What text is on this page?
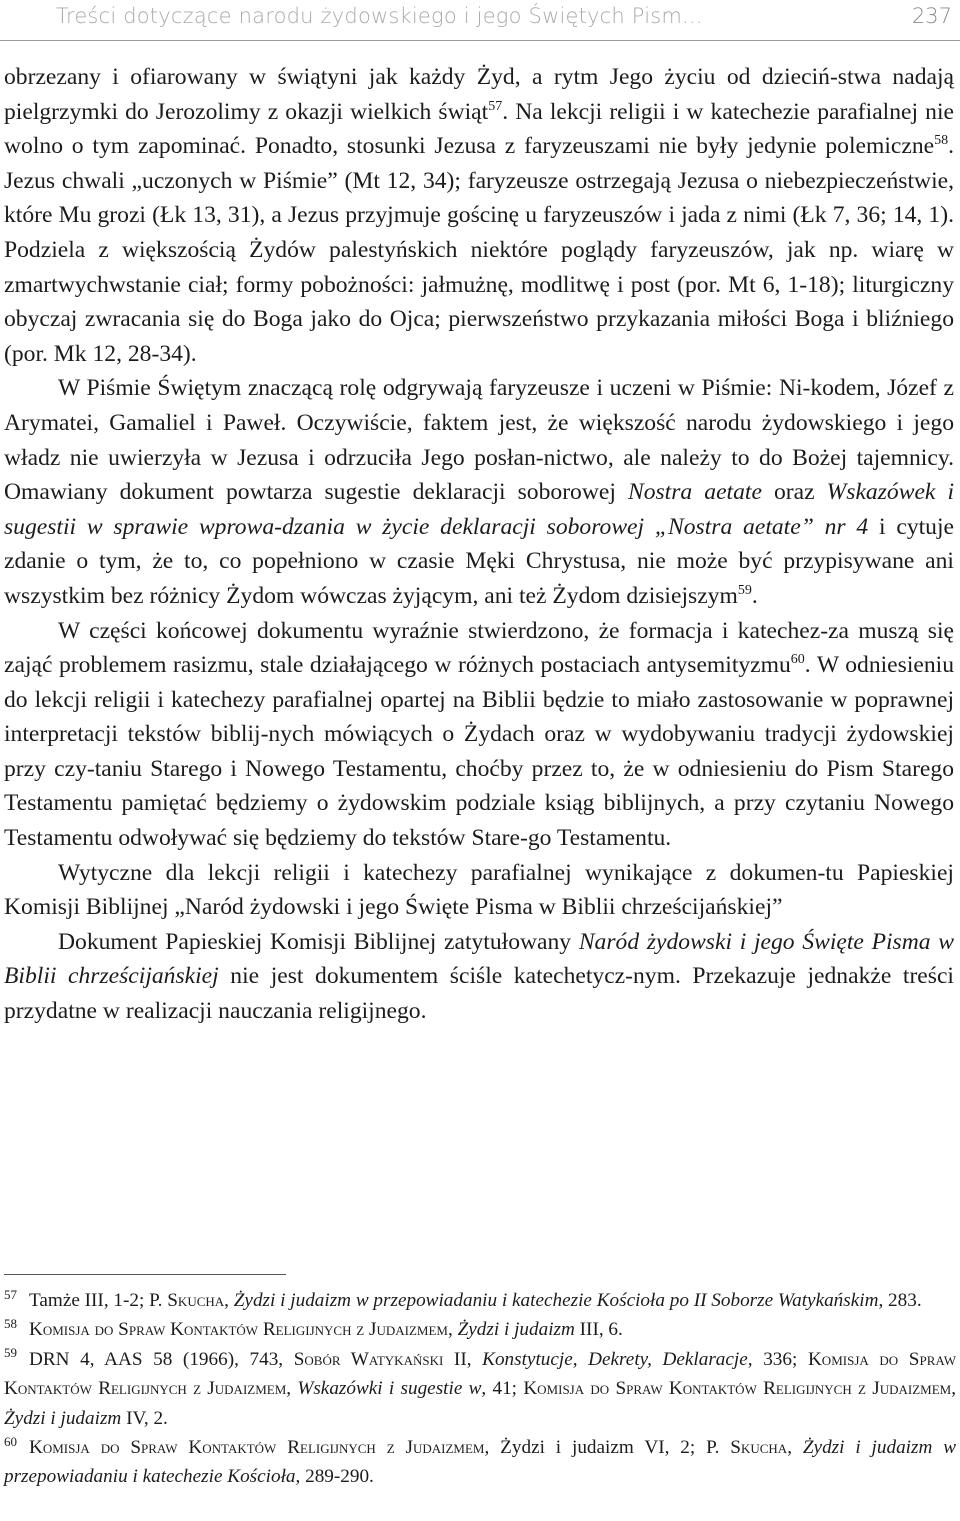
Treści dotyczące narodu żydowskiego i jego Świętych Pism...	237

obrzezany i ofiarowany w świątyni jak każdy Żyd, a rytm Jego życiu od dzieciń-stwa nadają pielgrzymki do Jerozolimy z okazji wielkich świąt$^{57}$. Na lekcji religii i w katechezie parafialnej nie wolno o tym zapominać. Ponadto, stosunki Jezusa z faryzeuszami nie były jedynie polemiczne$^{58}$. Jezus chwali „uczonych w Piśmie” (Mt 12, 34); faryzeusze ostrzegają Jezusa o niebezpieczeństwie, które Mu grozi (Łk 13, 31), a Jezus przyjmuje gościnę u faryzeuszów i jada z nimi (Łk 7, 36; 14, 1). Podziela z większością Żydów palestyńskich niektóre poglądy faryzeuszów, jak np. wiarę w zmartwychwstanie ciał; formy pobożności: jałmużnę, modlitwę i post (por. Mt 6, 1-18); liturgiczny obyczaj zwracania się do Boga jako do Ojca; pierwszeństwo przykazania miłości Boga i bliźniego (por. Mk 12, 28-34).

W Piśmie Świętym znaczącą rolę odgrywają faryzeusze i uczeni w Piśmie: Ni-kodem, Józef z Arymatei, Gamaliel i Paweł. Oczywiście, faktem jest, że większość narodu żydowskiego i jego władz nie uwierzyła w Jezusa i odrzuciła Jego posłan-nictwo, ale należy to do Bożej tajemnicy. Omawiany dokument powtarza sugestie deklaracji soborowej Nostra aetate oraz Wskazówek i sugestii w sprawie wprowa-dzania w życie deklaracji soborowej „Nostra aetate” nr 4 i cytuje zdanie o tym, że to, co popełniono w czasie Męki Chrystusa, nie może być przypisywane ani wszystkim bez różnicy Żydom wówczas żyjącym, ani też Żydom dzisiejszym$^{59}$.

W części końcowej dokumentu wyraźnie stwierdzono, że formacja i katechez-za muszą się zająć problemem rasizmu, stale działającego w różnych postaciach antysemityzmu$^{60}$. W odniesieniu do lekcji religii i katechezy parafialnej opartej na Biblii będzie to miało zastosowanie w poprawnej interpretacji tekstów biblij-nych mówiących o Żydach oraz w wydobywaniu tradycji żydowskiej przy czy-taniu Starego i Nowego Testamentu, choćby przez to, że w odniesieniu do Pism Starego Testamentu pamiętać będziemy o żydowskim podziale ksiąg biblijnych, a przy czytaniu Nowego Testamentu odwoływać się będziemy do tekstów Stare-go Testamentu.

Wytyczne dla lekcji religii i katechezy parafialnej wynikające z dokumen-tu Papieskiej Komisji Biblijnej „Naród żydowski i jego Święte Pisma w Biblii chrześcijańskiej”

Dokument Papieskiej Komisji Biblijnej zatytułowany Naród żydowski i jego Święte Pisma w Biblii chrześcijańskiej nie jest dokumentem ściśle katechetycz-nym. Przekazuje jednakże treści przydatne w realizacji nauczania religijnego.

$^{57}$ Tamże III, 1-2; P. Skucha, Żydzi i judaizm w przepowiadaniu i katechezie Kościoła po II Soborze Watykańskim, 283.

$^{58}$ Komisja do Spraw Kontaktów Religijnych z Judaizmem, Żydzi i judaizm III, 6.

$^{59}$ DRN 4, AAS 58 (1966), 743, Sobór Watykański II, Konstytucje, Dekrety, Deklaracje, 336; Komisja do Spraw Kontaktów Religijnych z Judaizmem, Wskazówki i sugestie w, 41; Komisja do Spraw Kontaktów Religijnych z Judaizmem, Żydzi i judaizm IV, 2.

$^{60}$ Komisja do Spraw Kontaktów Religijnych z Judaizmem, Żydzi i judaizm VI, 2; P. Skucha, Żydzi i judaizm w przepowiadaniu i katechezie Kościoła, 289-290.
